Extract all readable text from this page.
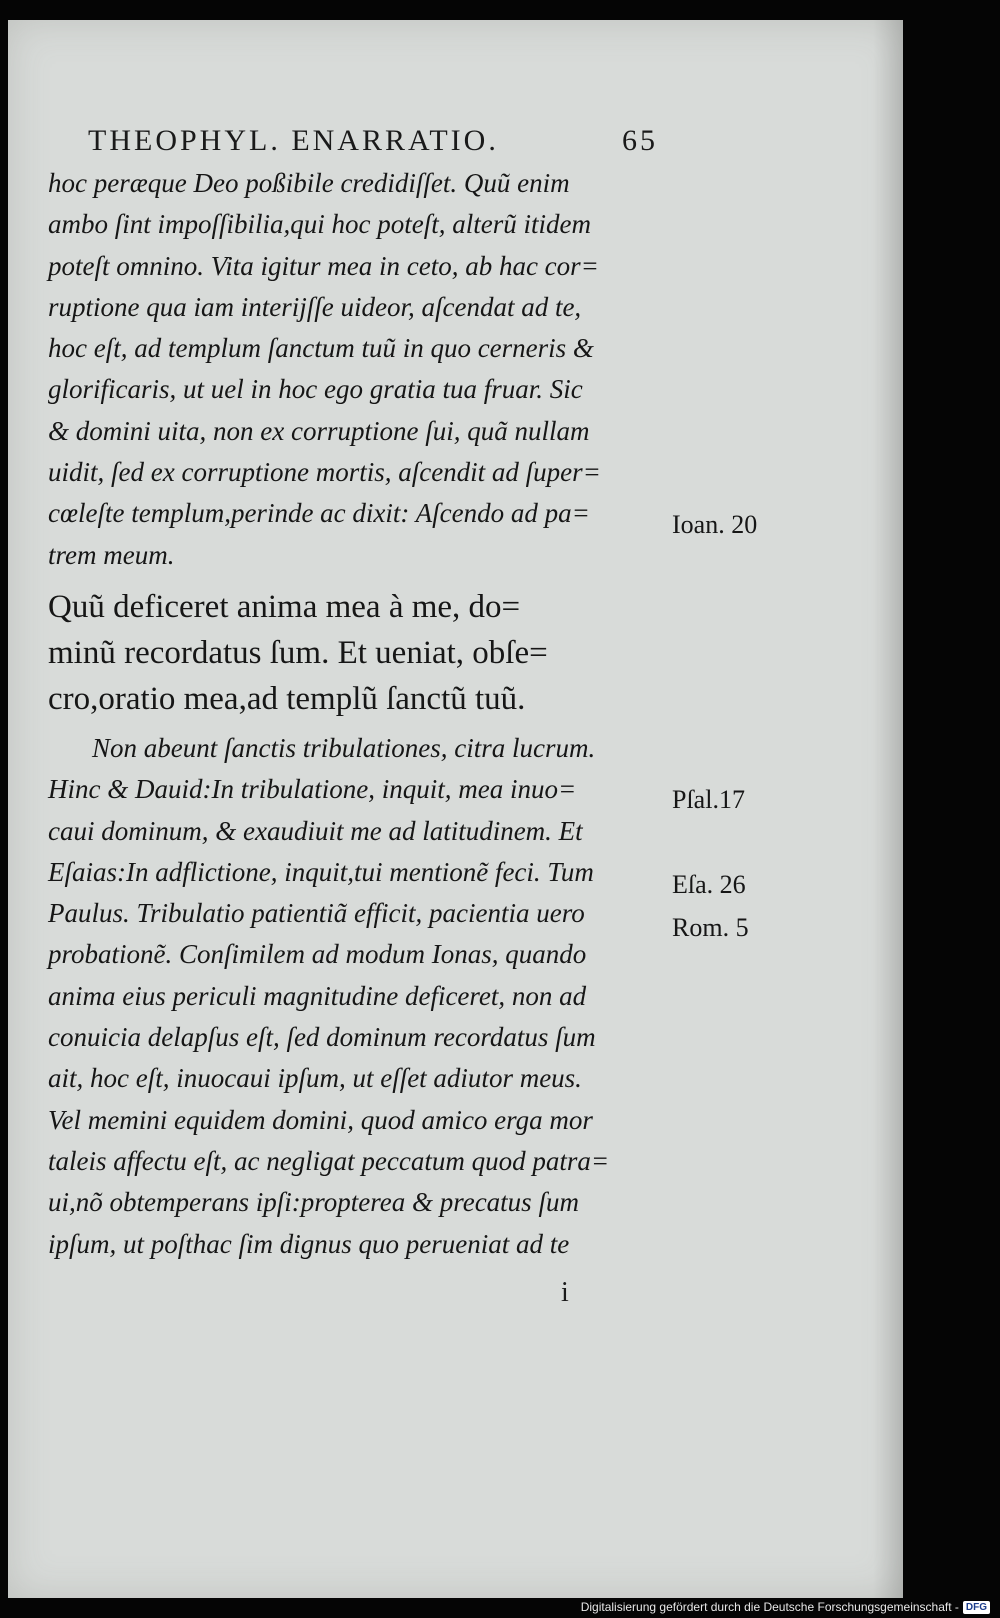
THEOPHYL. ENARRATIO.	65
hoc peræque Deo poßibile credidiſſet. Quũ enim
ambo ſint impoſſibilia,qui hoc poteſt, alterũ itidem
poteſt omnino. Vita igitur mea in ceto, ab hac cor=
ruptione qua iam interijſſe uideor, aſcendat ad te,
hoc eſt, ad templum ſanctum tuũ in quo cerneris &
glorificaris, ut uel in hoc ego gratia tua fruar. Sic
& domini uita, non ex corruptione ſui, quã nullam
uidit, ſed ex corruptione mortis, aſcendit ad ſuper=
cœleſte templum,perinde ac dixit: Aſcendo ad pa=
trem meum.
Quũ deficeret anima mea à me, do=
minũ recordatus ſum. Et ueniat, obſe=
cro,oratio mea,ad templũ ſanctũ tuũ.
Non abeunt ſanctis tribulationes, citra lucrum.
Hinc & Dauid:In tribulatione, inquit, mea inuo=
caui dominum, & exaudiuit me ad latitudinem. Et
Eſaias:In adflictione, inquit,tui mentionẽ feci. Tum
Paulus. Tribulatio patientiã efficit, pacientia uero
probationẽ. Conſimilem ad modum Ionas, quando
anima eius periculi magnitudine deficeret, non ad
conuicia delapſus eſt, ſed dominum recordatus ſum
ait, hoc eſt, inuocaui ipſum, ut eſſet adiutor meus.
Vel memini equidem domini, quod amico erga mor
taleis affectu eſt, ac negligat peccatum quod patra=
ui,nõ obtemperans ipſi:propterea & precatus ſum
ipſum, ut poſthac ſim dignus quo perueniat ad te
Ioan. 20
Pſal.17
Eſa. 26
Rom. 5
i
Digitalisierung gefördert durch die Deutsche Forschungsgemeinschaft - DFG
